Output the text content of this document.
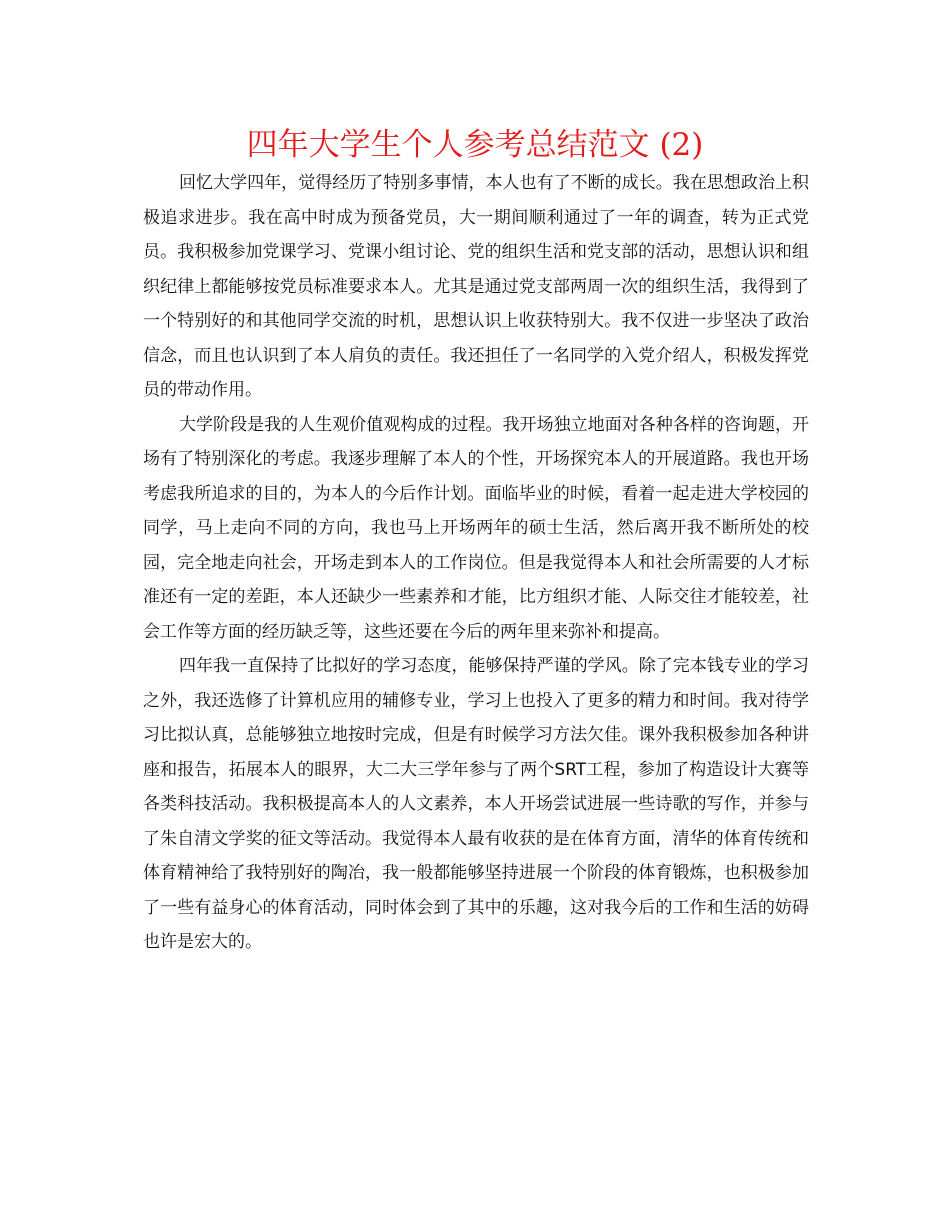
四年大学生个人参考总结范文 (2)

回忆大学四年，觉得经历了特别多事情，本人也有了不断的成长。我在思想政治上积极追求进步。我在高中时成为预备党员，大一期间顺利通过了一年的调查，转为正式党员。我积极参加党课学习、党课小组讨论、党的组织生活和党支部的活动，思想认识和组织纪律上都能够按党员标准要求本人。尤其是通过党支部两周一次的组织生活，我得到了一个特别好的和其他同学交流的时机，思想认识上收获特别大。我不仅进一步坚决了政治信念，而且也认识到了本人肩负的责任。我还担任了一名同学的入党介绍人，积极发挥党员的带动作用。

大学阶段是我的人生观价值观构成的过程。我开场独立地面对各种各样的咨询题，开场有了特别深化的考虑。我逐步理解了本人的个性，开场探究本人的开展道路。我也开场考虑我所追求的目的，为本人的今后作计划。面临毕业的时候，看着一起走进大学校园的同学，马上走向不同的方向，我也马上开场两年的硕士生活，然后离开我不断所处的校园，完全地走向社会，开场走到本人的工作岗位。但是我觉得本人和社会所需要的人才标准还有一定的差距，本人还缺少一些素养和才能，比方组织才能、人际交往才能较差，社会工作等方面的经历缺乏等，这些还要在今后的两年里来弥补和提高。

四年我一直保持了比拟好的学习态度，能够保持严谨的学风。除了完本钱专业的学习之外，我还选修了计算机应用的辅修专业，学习上也投入了更多的精力和时间。我对待学习比拟认真，总能够独立地按时完成，但是有时候学习方法欠佳。课外我积极参加各种讲座和报告，拓展本人的眼界，大二大三学年参与了两个SRT工程，参加了构造设计大赛等各类科技活动。我积极提高本人的人文素养，本人开场尝试进展一些诗歌的写作，并参与了朱自清文学奖的征文等活动。我觉得本人最有收获的是在体育方面，清华的体育传统和体育精神给了我特别好的陶冶，我一般都能够坚持进展一个阶段的体育锻炼，也积极参加了一些有益身心的体育活动，同时体会到了其中的乐趣，这对我今后的工作和生活的妨碍也许是宏大的。
